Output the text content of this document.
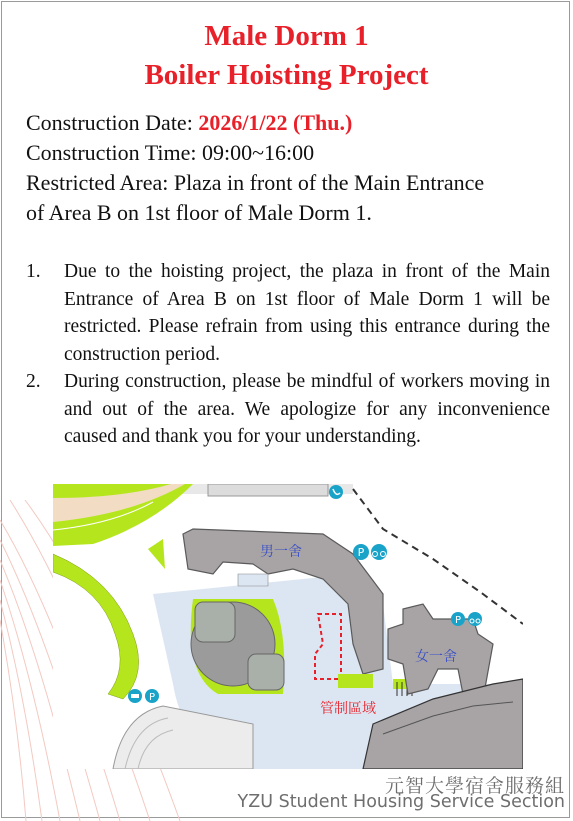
Male Dorm 1
Boiler Hoisting Project
Construction Date: 2026/1/22 (Thu.)
Construction Time: 09:00~16:00
Restricted Area: Plaza in front of the Main Entrance
of Area B on 1st floor of Male Dorm 1.
1. Due to the hoisting project, the plaza in front of the Main Entrance of Area B on 1st floor of Male Dorm 1 will be restricted. Please refrain from using this entrance during the construction period.
2. During construction, please be mindful of workers moving in and out of the area. We apologize for any inconvenience caused and thank you for your understanding.
P
P
P
男一舍
女一舍
管制區域
元智大學宿舍服務組
YZU Student Housing Service Section
